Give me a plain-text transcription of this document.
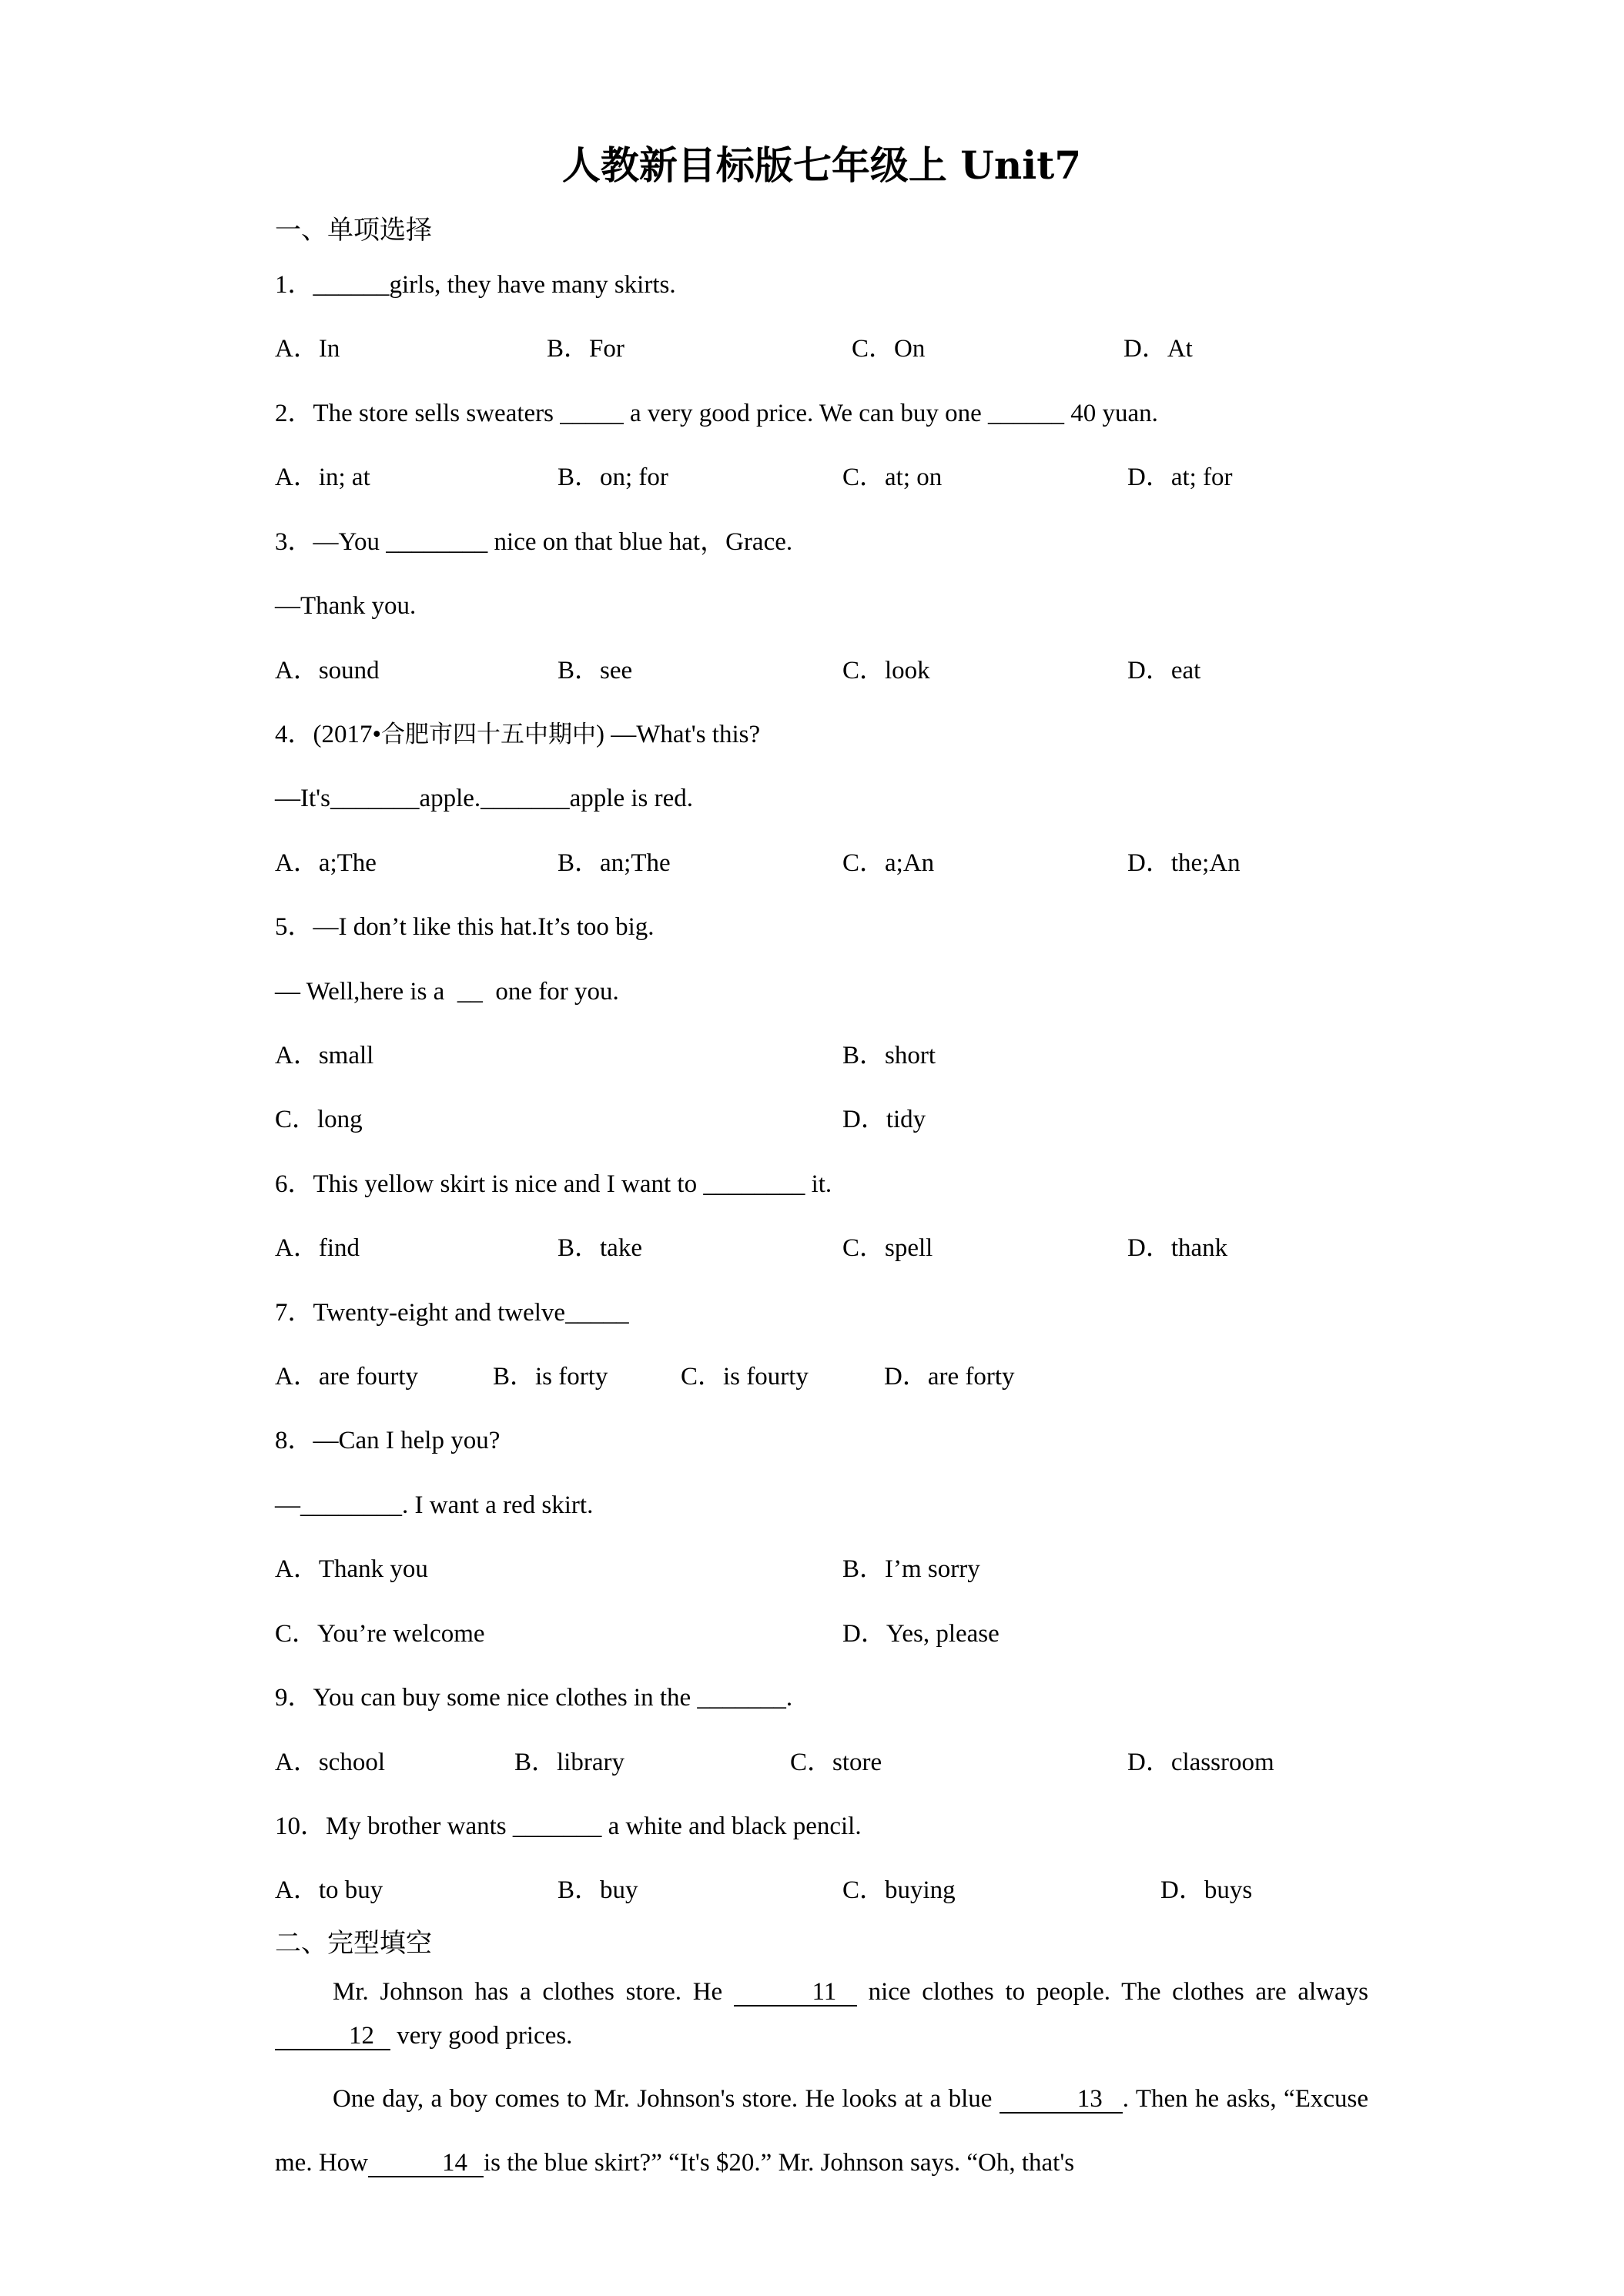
人教新目标版七年级上 Unit7
一、单项选择
1．______girls, they have many skirts.
A．In	B．For	C．On	D．At
2．The store sells sweaters _____ a very good price. We can buy one ______ 40 yuan.
A．in; at	B．on; for	C．at; on	D．at; for
3．—You ________ nice on that blue hat，Grace.
—Thank you.
A．sound	B．see	C．look	D．eat
4．(2017•合肥市四十五中期中) —What's this?
—It's_______apple._______apple is red.
A．a;The	B．an;The	C．a;An	D．the;An
5．—I don’t like this hat.It’s too big.
— Well,here is a  __  one for you.
A．small	B．short
C．long	D．tidy
6．This yellow skirt is nice and I want to ________ it.
A．find	B．take	C．spell	D．thank
7．Twenty-eight and twelve_____
A．are fourty	B．is forty	C．is fourty	D．are forty
8．—Can I help you?
—________. I want a red skirt.
A．Thank you	B．I’m sorry
C．You’re welcome	D．Yes, please
9．You can buy some nice clothes in the _______.
A．school	B．library	C．store	D．classroom
10．My brother wants _______ a white and black pencil.
A．to buy	B．buy	C．buying	D．buys
二、完型填空
Mr. Johnson has a clothes store. He	11 nice clothes to people. The clothes are always 12 very good prices.
One day, a boy comes to Mr. Johnson's store. He looks at a blue	13 . Then he asks, “Excuse me. How	14 is the blue skirt?” “It's $20.” Mr. Johnson says. “Oh, that's
